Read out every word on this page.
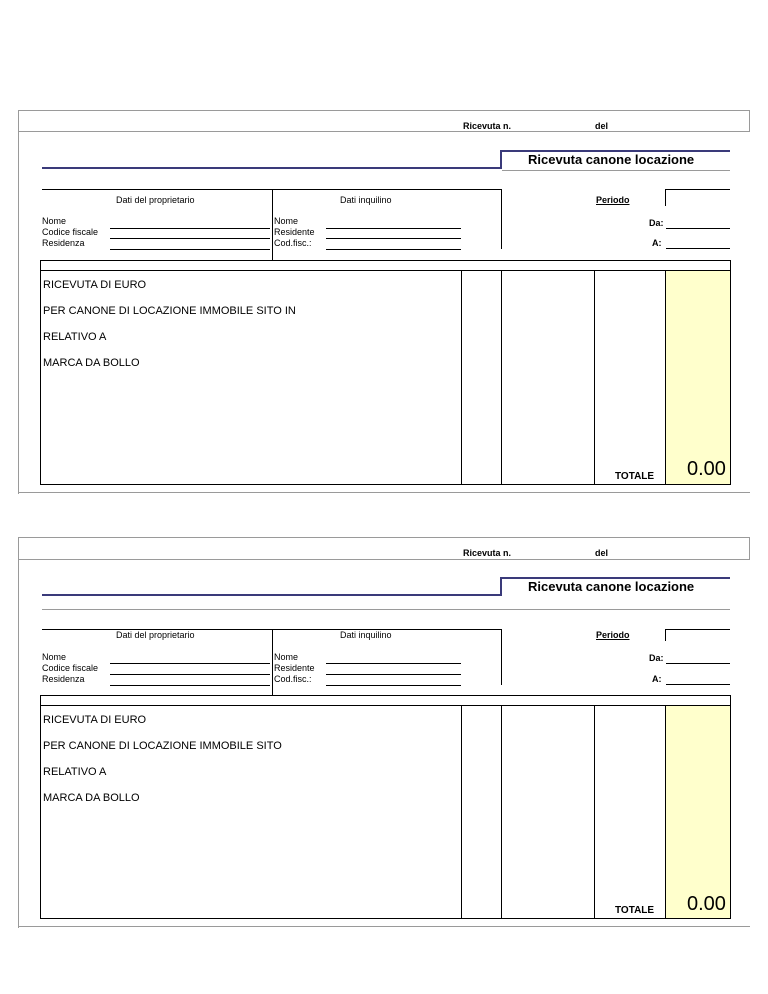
Ricevuta n.	del
Ricevuta canone locazione
Dati del proprietario	Dati inquilino	Periodo
Nome
Codice fiscale
Residenza
Nome
Residente
Cod.fisc.:
Da:
A:
RICEVUTA DI EURO
PER CANONE DI LOCAZIONE IMMOBILE SITO IN
RELATIVO A
MARCA DA BOLLO
TOTALE 0.00
Ricevuta n.	del
Ricevuta canone locazione
Dati del proprietario	Dati inquilino	Periodo
Nome
Codice fiscale
Residenza
Nome
Residente
Cod.fisc.:
Da:
A:
RICEVUTA DI EURO
PER CANONE DI LOCAZIONE IMMOBILE SITO
RELATIVO A
MARCA DA BOLLO
TOTALE 0.00
